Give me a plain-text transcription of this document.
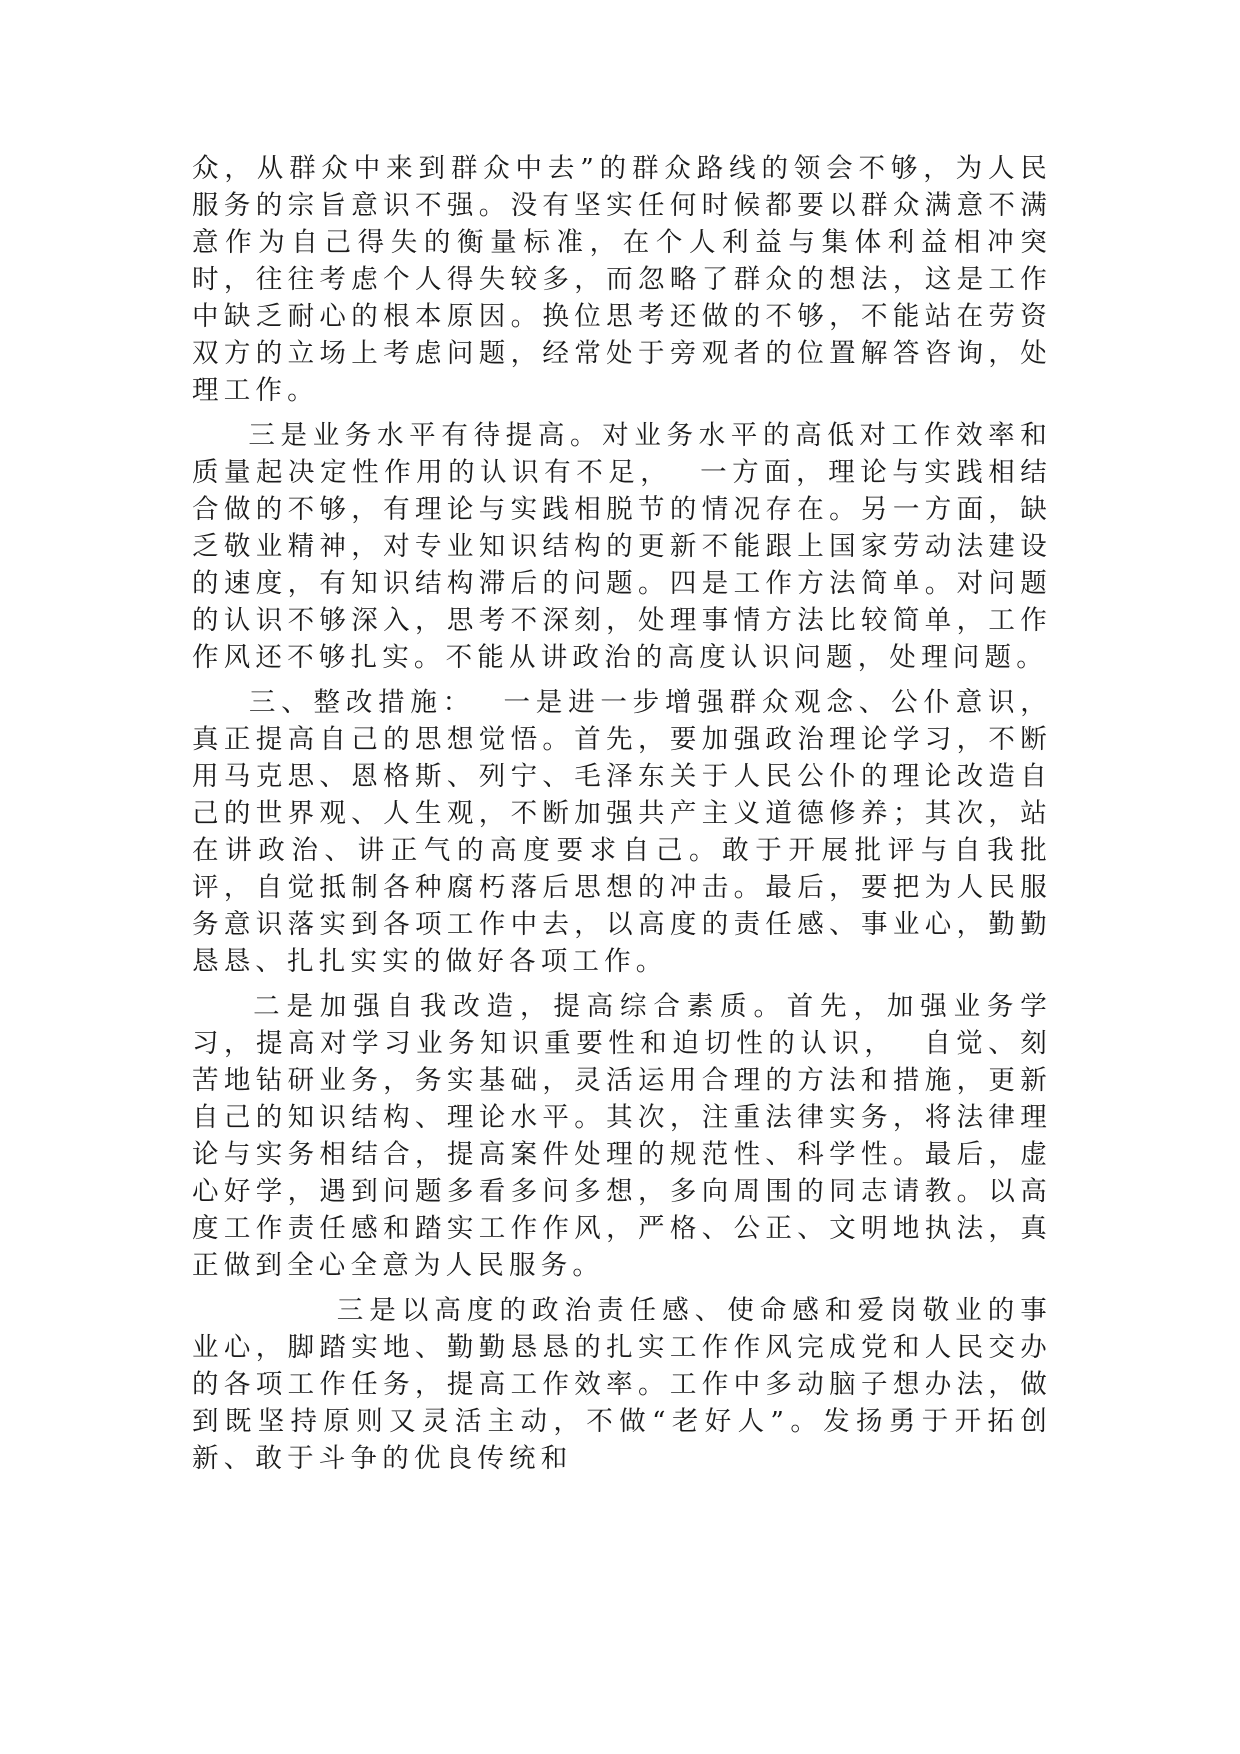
众，从群众中来到群众中去”的群众路线的领会不够，为人民服务的宗旨意识不强。没有坚实任何时候都要以群众满意不满意作为自己得失的衡量标准，在个人利益与集体利益相冲突时，往往考虑个人得失较多，而忽略了群众的想法，这是工作中缺乏耐心的根本原因。换位思考还做的不够，不能站在劳资双方的立场上考虑问题，经常处于旁观者的位置解答咨询，处理工作。

三是业务水平有待提高。对业务水平的高低对工作效率和质量起决定性作用的认识有不足，  一方面，理论与实践相结合做的不够，有理论与实践相脱节的情况存在。另一方面，缺乏敬业精神，对专业知识结构的更新不能跟上国家劳动法建设的速度，有知识结构滞后的问题。四是工作方法简单。对问题的认识不够深入，思考不深刻，处理事情方法比较简单，工作作风还不够扎实。不能从讲政治的高度认识问题，处理问题。

三、整改措施：  一是进一步增强群众观念、公仆意识，真正提高自己的思想觉悟。首先，要加强政治理论学习，不断用马克思、恩格斯、列宁、毛泽东关于人民公仆的理论改造自己的世界观、人生观，不断加强共产主义道德修养；其次，站在讲政治、讲正气的高度要求自己。敢于开展批评与自我批评，自觉抵制各种腐朽落后思想的冲击。最后，要把为人民服务意识落实到各项工作中去，以高度的责任感、事业心，勤勤恳恳、扎扎实实的做好各项工作。

二是加强自我改造，提高综合素质。首先，加强业务学习，提高对学习业务知识重要性和迫切性的认识，  自觉、刻苦地钻研业务，务实基础，灵活运用合理的方法和措施，更新自己的知识结构、理论水平。其次，注重法律实务，将法律理论与实务相结合，提高案件处理的规范性、科学性。最后，虚心好学，遇到问题多看多问多想，多向周围的同志请教。以高度工作责任感和踏实工作作风，严格、公正、文明地执法，真正做到全心全意为人民服务。

三是以高度的政治责任感、使命感和爱岗敬业的事业心，脚踏实地、勤勤恳恳的扎实工作作风完成党和人民交办的各项工作任务，提高工作效率。工作中多动脑子想办法，做到既坚持原则又灵活主动，不做“老好人”。发扬勇于开拓创新、敢于斗争的优良传统和
